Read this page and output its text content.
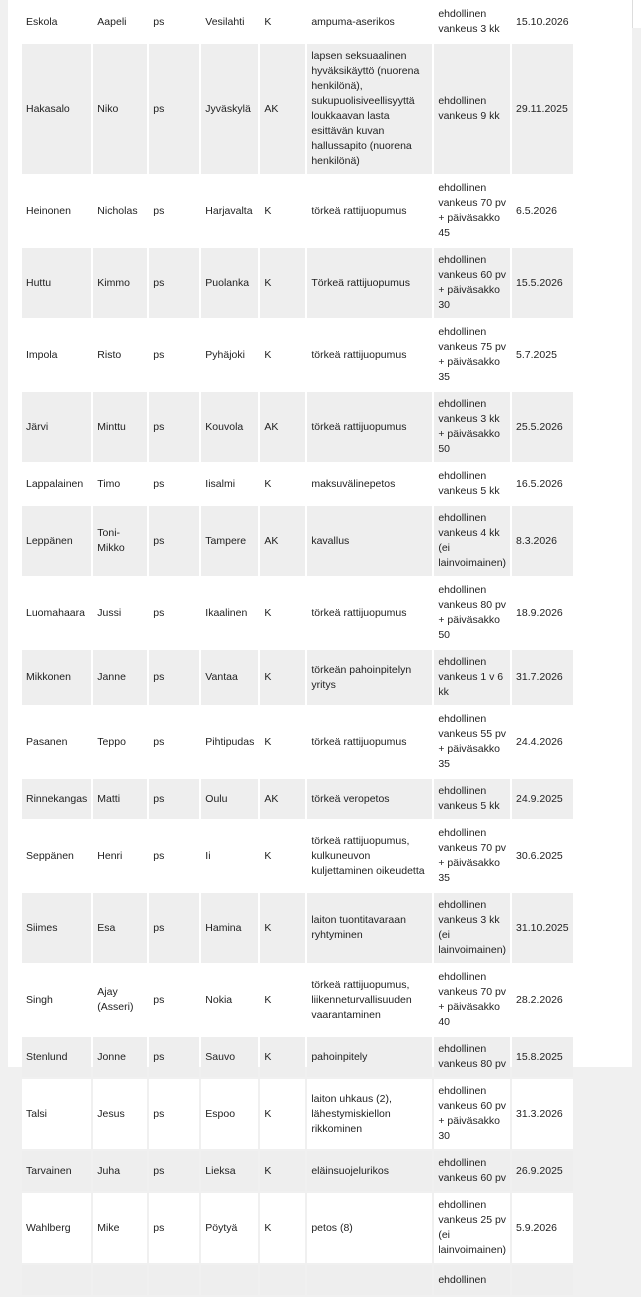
Eskola	Aapeli	ps	Vesilahti	K	ampuma-aserikos	ehdollinen vankeus 3 kk	15.10.2026
Hakasalo	Niko	ps	Jyväskylä	AK	lapsen seksuaalinen hyväksikäyttö (nuorena henkilönä), sukupuolisiveellisyyttä loukkaavan lasta esittävän kuvan hallussapito (nuorena henkilönä)	ehdollinen vankeus 9 kk	29.11.2025
Heinonen	Nicholas	ps	Harjavalta	K	törkeä rattijuopumus	ehdollinen vankeus 70 pv + päiväsakko 45	6.5.2026
Huttu	Kimmo	ps	Puolanka	K	Törkeä rattijuopumus	ehdollinen vankeus 60 pv + päiväsakko 30	15.5.2026
Impola	Risto	ps	Pyhäjoki	K	törkeä rattijuopumus	ehdollinen vankeus 75 pv + päiväsakko 35	5.7.2025
Järvi	Minttu	ps	Kouvola	AK	törkeä rattijuopumus	ehdollinen vankeus 3 kk + päiväsakko 50	25.5.2026
Lappalainen	Timo	ps	Iisalmi	K	maksuvälinepetos	ehdollinen vankeus 5 kk	16.5.2026
Leppänen	Toni-Mikko	ps	Tampere	AK	kavallus	ehdollinen vankeus 4 kk (ei lainvoimainen)	8.3.2026
Luomahaara	Jussi	ps	Ikaalinen	K	törkeä rattijuopumus	ehdollinen vankeus 80 pv + päiväsakko 50	18.9.2026
Mikkonen	Janne	ps	Vantaa	K	törkeän pahoinpitelyn yritys	ehdollinen vankeus 1 v 6 kk	31.7.2026
Pasanen	Teppo	ps	Pihtipudas	K	törkeä rattijuopumus	ehdollinen vankeus 55 pv + päiväsakko 35	24.4.2026
Rinnekangas	Matti	ps	Oulu	AK	törkeä veropetos	ehdollinen vankeus 5 kk	24.9.2025
Seppänen	Henri	ps	Ii	K	törkeä rattijuopumus, kulkuneuvon kuljettaminen oikeudetta	ehdollinen vankeus 70 pv + päiväsakko 35	30.6.2025
Siimes	Esa	ps	Hamina	K	laiton tuontitavaraan ryhtyminen	ehdollinen vankeus 3 kk (ei lainvoimainen)	31.10.2025
Singh	Ajay (Asseri)	ps	Nokia	K	törkeä rattijuopumus, liikenneturvallisuuden vaarantaminen	ehdollinen vankeus 70 pv + päiväsakko 40	28.2.2026
Stenlund	Jonne	ps	Sauvo	K	pahoinpitely	ehdollinen vankeus 80 pv	15.8.2025
Talsi	Jesus	ps	Espoo	K	laiton uhkaus (2), lähestymiskiellon rikkominen	ehdollinen vankeus 60 pv + päiväsakko 30	31.3.2026
Tarvainen	Juha	ps	Lieksa	K	eläinsuojelurikos	ehdollinen vankeus 60 pv	26.9.2025
Wahlberg	Mike	ps	Pöytyä	K	petos (8)	ehdollinen vankeus 25 pv (ei lainvoimainen)	5.9.2026
						ehdollinen	
